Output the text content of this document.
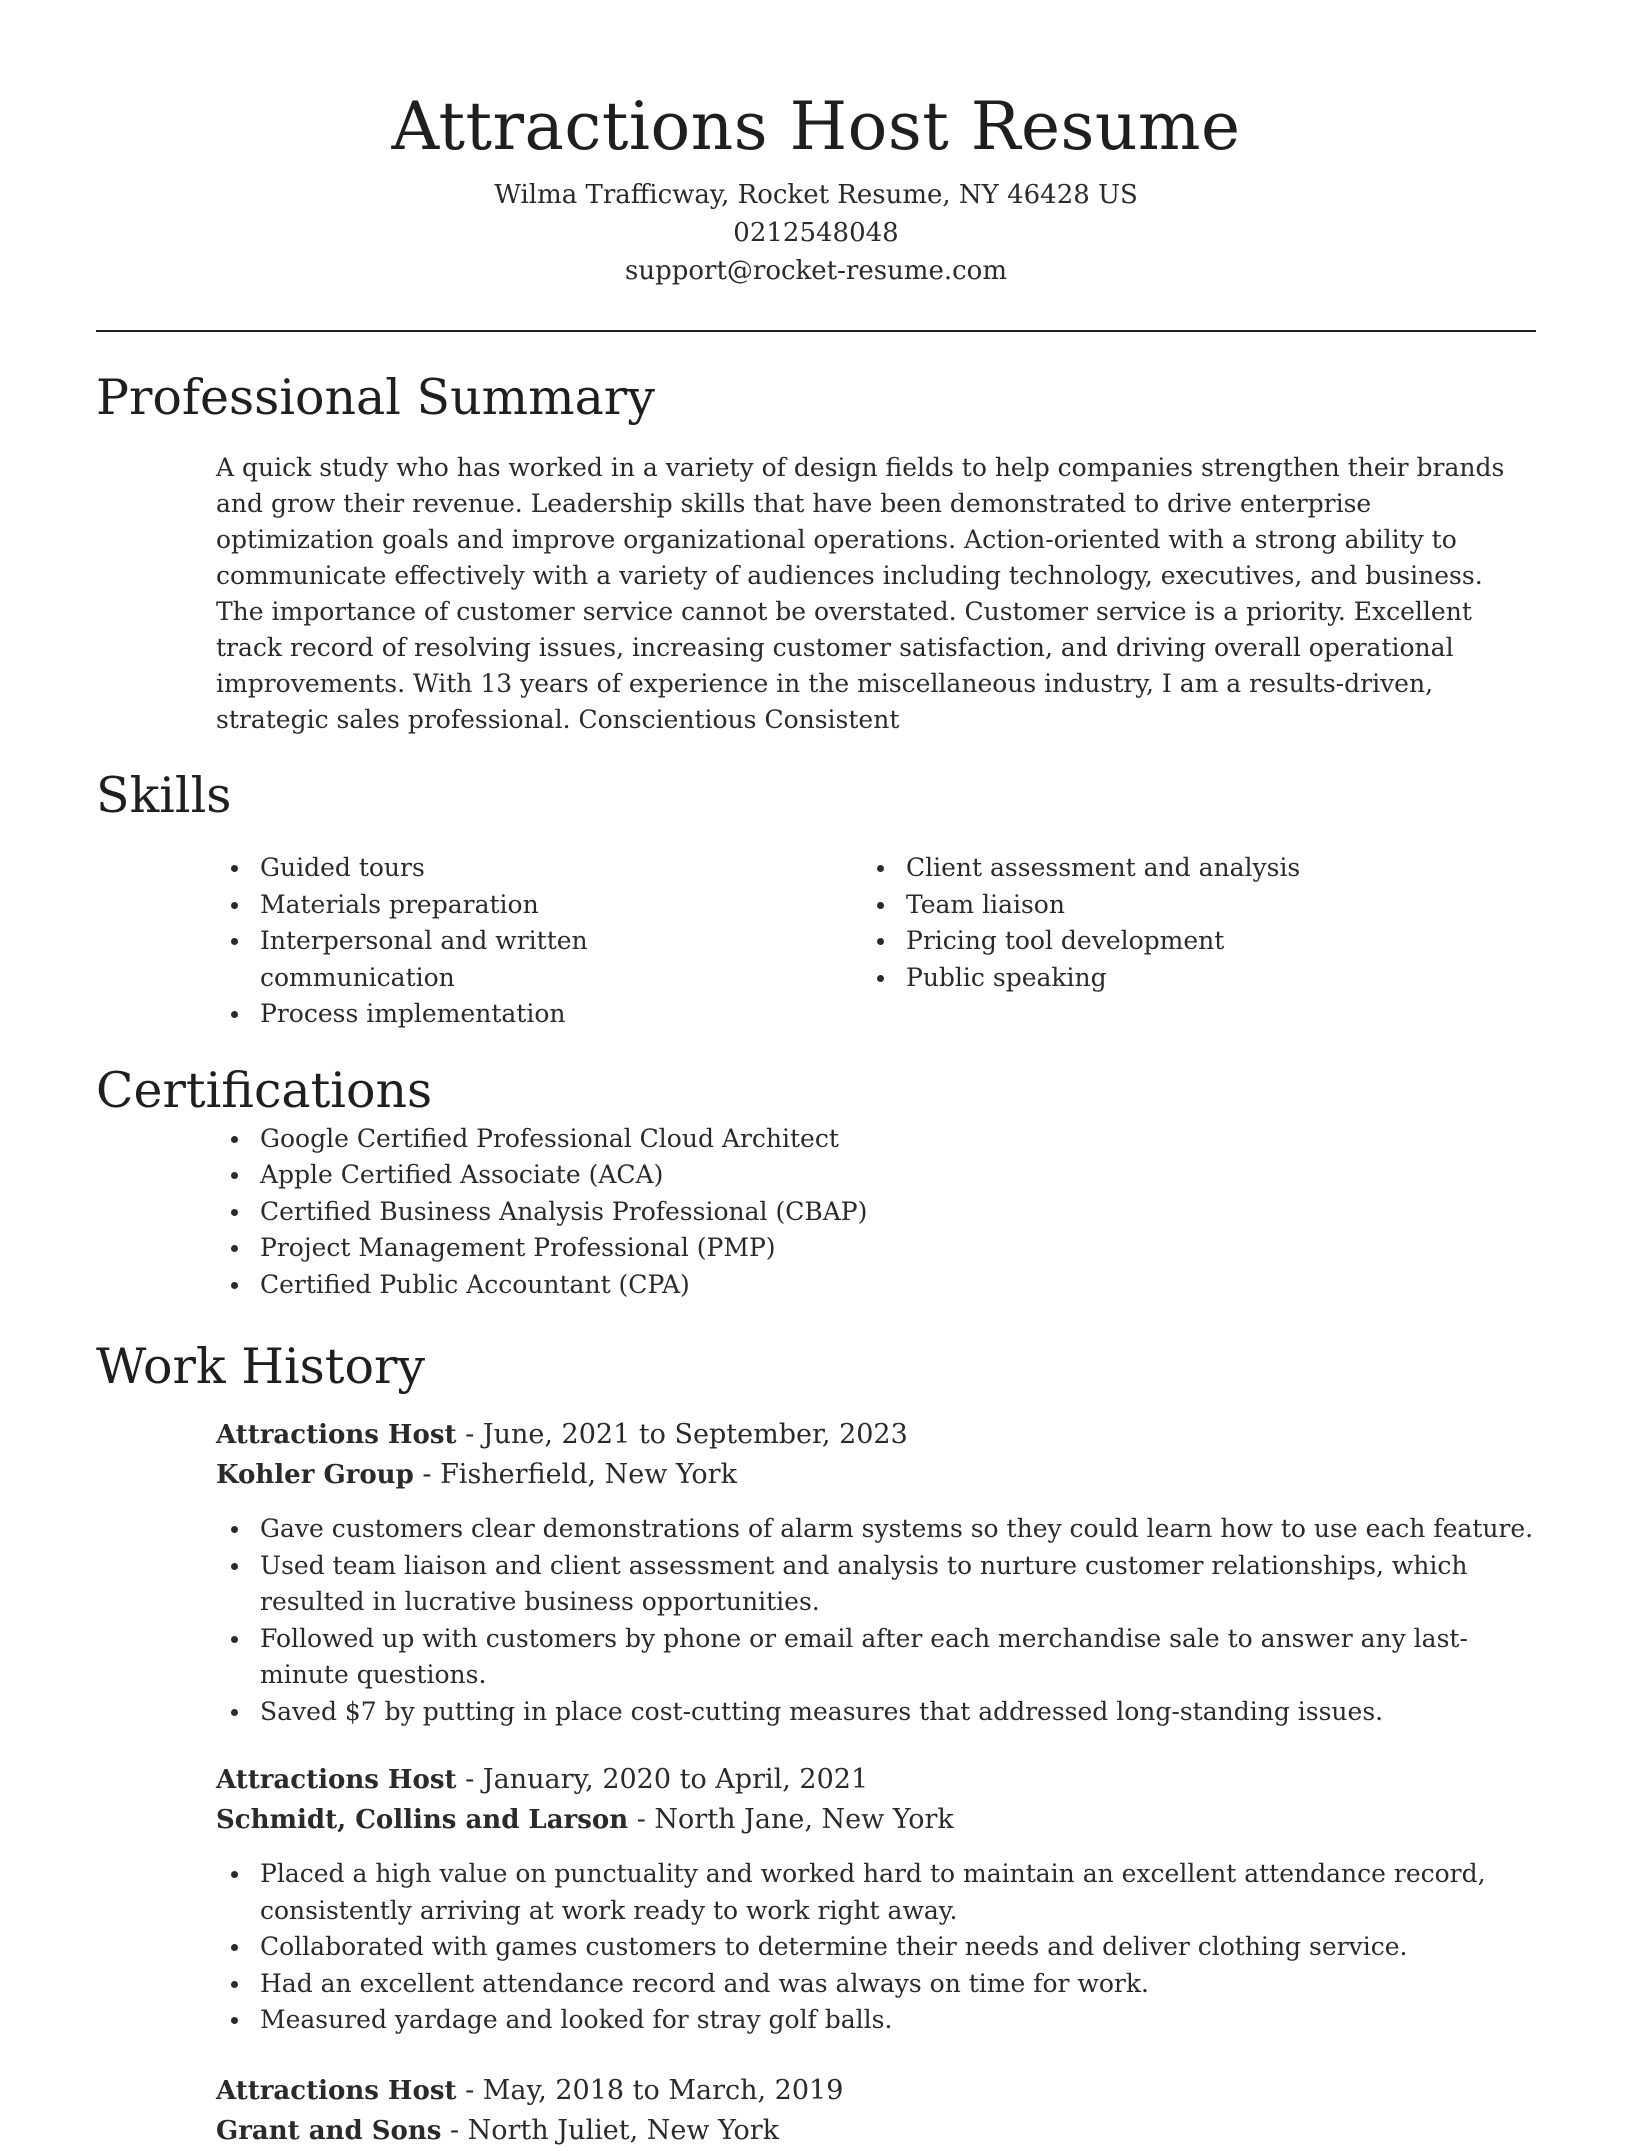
Attractions Host Resume
Wilma Trafficway, Rocket Resume, NY 46428 US
0212548048
support@rocket-resume.com
Professional Summary

A quick study who has worked in a variety of design fields to help companies strengthen their brands and grow their revenue. Leadership skills that have been demonstrated to drive enterprise optimization goals and improve organizational operations. Action-oriented with a strong ability to communicate effectively with a variety of audiences including technology, executives, and business. The importance of customer service cannot be overstated. Customer service is a priority. Excellent track record of resolving issues, increasing customer satisfaction, and driving overall operational improvements. With 13 years of experience in the miscellaneous industry, I am a results-driven, strategic sales professional. Conscientious Consistent

Skills
Guided tours
Materials preparation
Interpersonal and written communication
Process implementation
Client assessment and analysis
Team liaison
Pricing tool development
Public speaking
Certifications
Google Certified Professional Cloud Architect
Apple Certified Associate (ACA)
Certified Business Analysis Professional (CBAP)
Project Management Professional (PMP)
Certified Public Accountant (CPA)
Work History
Attractions Host - June, 2021 to September, 2023
Kohler Group - Fisherfield, New York
Gave customers clear demonstrations of alarm systems so they could learn how to use each feature.
Used team liaison and client assessment and analysis to nurture customer relationships, which resulted in lucrative business opportunities.
Followed up with customers by phone or email after each merchandise sale to answer any last-minute questions.
Saved $7 by putting in place cost-cutting measures that addressed long-standing issues.
Attractions Host - January, 2020 to April, 2021
Schmidt, Collins and Larson - North Jane, New York
Placed a high value on punctuality and worked hard to maintain an excellent attendance record, consistently arriving at work ready to work right away.
Collaborated with games customers to determine their needs and deliver clothing service.
Had an excellent attendance record and was always on time for work.
Measured yardage and looked for stray golf balls.
Attractions Host - May, 2018 to March, 2019
Grant and Sons - North Juliet, New York
